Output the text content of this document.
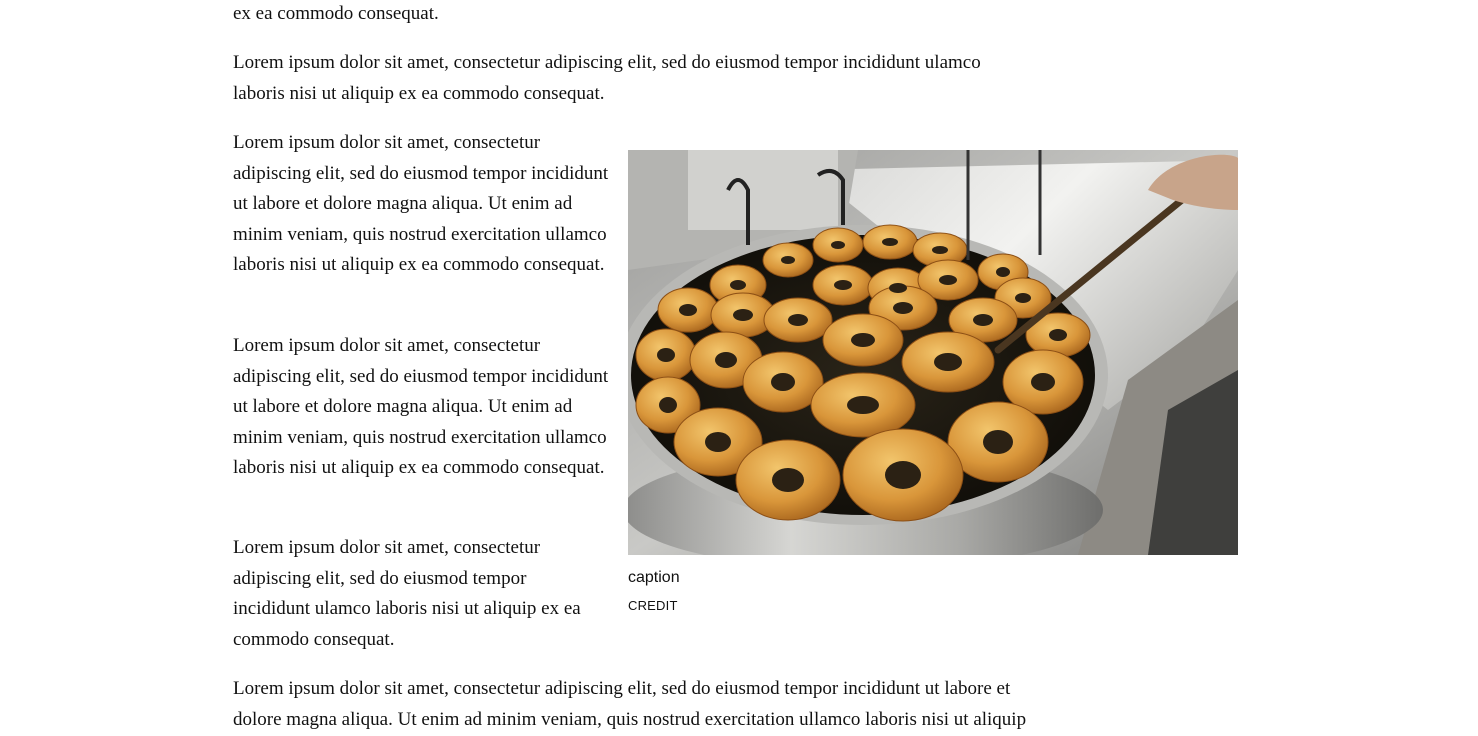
ex ea commodo consequat.

Lorem ipsum dolor sit amet, consectetur adipiscing elit, sed do eiusmod tempor incididunt ulamco laboris nisi ut aliquip ex ea commodo consequat.

Lorem ipsum dolor sit amet, consectetur adipiscing elit, sed do eiusmod tempor incididunt ut labore et dolore magna aliqua. Ut enim ad minim veniam, quis nostrud exercitation ullamco laboris nisi ut aliquip ex ea commodo consequat.

Lorem ipsum dolor sit amet, consectetur adipiscing elit, sed do eiusmod tempor incididunt ut labore et dolore magna aliqua. Ut enim ad minim veniam, quis nostrud exercitation ullamco laboris nisi ut aliquip ex ea commodo consequat.

Lorem ipsum dolor sit amet, consectetur adipiscing elit, sed do eiusmod tempor incididunt ulamco laboris nisi ut aliquip ex ea commodo consequat.

Lorem ipsum dolor sit amet, consectetur adipiscing elit, sed do eiusmod tempor incididunt ut labore et dolore magna aliqua. Ut enim ad minim veniam, quis nostrud exercitation ullamco laboris nisi ut aliquip

caption
CREDIT
